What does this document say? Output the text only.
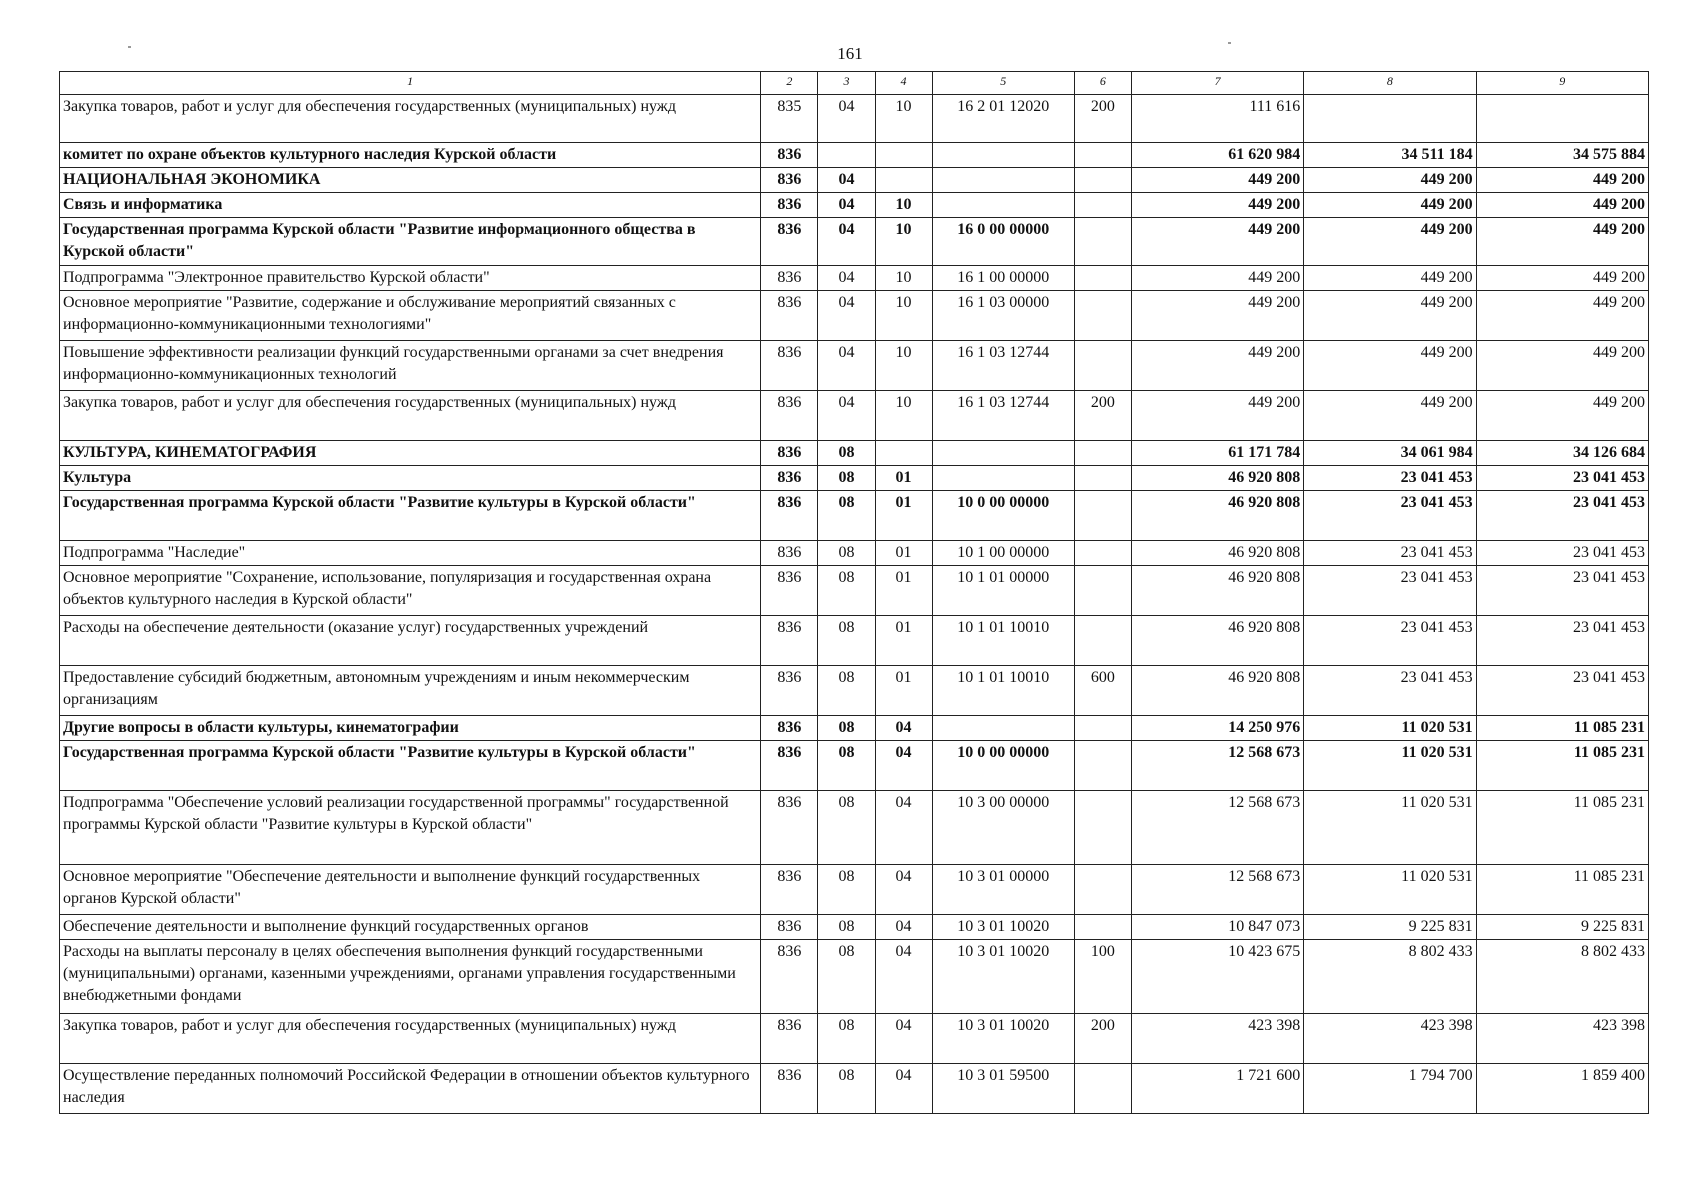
161
1	2	3	4	5	6	7	8	9
Закупка товаров, работ и услуг для обеспечения государственных (муниципальных) нужд	835	04	10	16 2 01 12020	200	111 616		
комитет по охране объектов культурного наследия Курской области	836					61 620 984	34 511 184	34 575 884
НАЦИОНАЛЬНАЯ ЭКОНОМИКА	836	04				449 200	449 200	449 200
Связь и информатика	836	04	10			449 200	449 200	449 200
Государственная программа Курской области "Развитие информационного общества в Курской области"	836	04	10	16 0 00 00000		449 200	449 200	449 200
Подпрограмма "Электронное правительство Курской области"	836	04	10	16 1 00 00000		449 200	449 200	449 200
Основное мероприятие "Развитие, содержание и обслуживание мероприятий связанных с информационно-коммуникационными технологиями"	836	04	10	16 1 03 00000		449 200	449 200	449 200
Повышение эффективности реализации функций государственными органами за счет внедрения информационно-коммуникационных технологий	836	04	10	16 1 03 12744		449 200	449 200	449 200
Закупка товаров, работ и услуг для обеспечения государственных (муниципальных) нужд	836	04	10	16 1 03 12744	200	449 200	449 200	449 200
КУЛЬТУРА, КИНЕМАТОГРАФИЯ	836	08				61 171 784	34 061 984	34 126 684
Культура	836	08	01			46 920 808	23 041 453	23 041 453
Государственная программа Курской области "Развитие культуры в Курской области"	836	08	01	10 0 00 00000		46 920 808	23 041 453	23 041 453
Подпрограмма "Наследие"	836	08	01	10 1 00 00000		46 920 808	23 041 453	23 041 453
Основное мероприятие "Сохранение, использование, популяризация и государственная охрана объектов культурного наследия в Курской области"	836	08	01	10 1 01 00000		46 920 808	23 041 453	23 041 453
Расходы на обеспечение деятельности (оказание услуг) государственных учреждений	836	08	01	10 1 01 10010		46 920 808	23 041 453	23 041 453
Предоставление субсидий бюджетным, автономным учреждениям и иным некоммерческим организациям	836	08	01	10 1 01 10010	600	46 920 808	23 041 453	23 041 453
Другие вопросы в области культуры, кинематографии	836	08	04			14 250 976	11 020 531	11 085 231
Государственная программа Курской области "Развитие культуры в Курской области"	836	08	04	10 0 00 00000		12 568 673	11 020 531	11 085 231
Подпрограмма "Обеспечение условий реализации государственной программы" государственной программы Курской области "Развитие культуры в Курской области"	836	08	04	10 3 00 00000		12 568 673	11 020 531	11 085 231
Основное мероприятие "Обеспечение деятельности и выполнение функций государственных органов Курской области"	836	08	04	10 3 01 00000		12 568 673	11 020 531	11 085 231
Обеспечение деятельности и выполнение функций государственных органов	836	08	04	10 3 01 10020		10 847 073	9 225 831	9 225 831
Расходы на выплаты персоналу в целях обеспечения выполнения функций государственными (муниципальными) органами, казенными учреждениями, органами управления государственными внебюджетными фондами	836	08	04	10 3 01 10020	100	10 423 675	8 802 433	8 802 433
Закупка товаров, работ и услуг для обеспечения государственных (муниципальных) нужд	836	08	04	10 3 01 10020	200	423 398	423 398	423 398
Осуществление переданных полномочий Российской Федерации в отношении объектов культурного наследия	836	08	04	10 3 01 59500		1 721 600	1 794 700	1 859 400
